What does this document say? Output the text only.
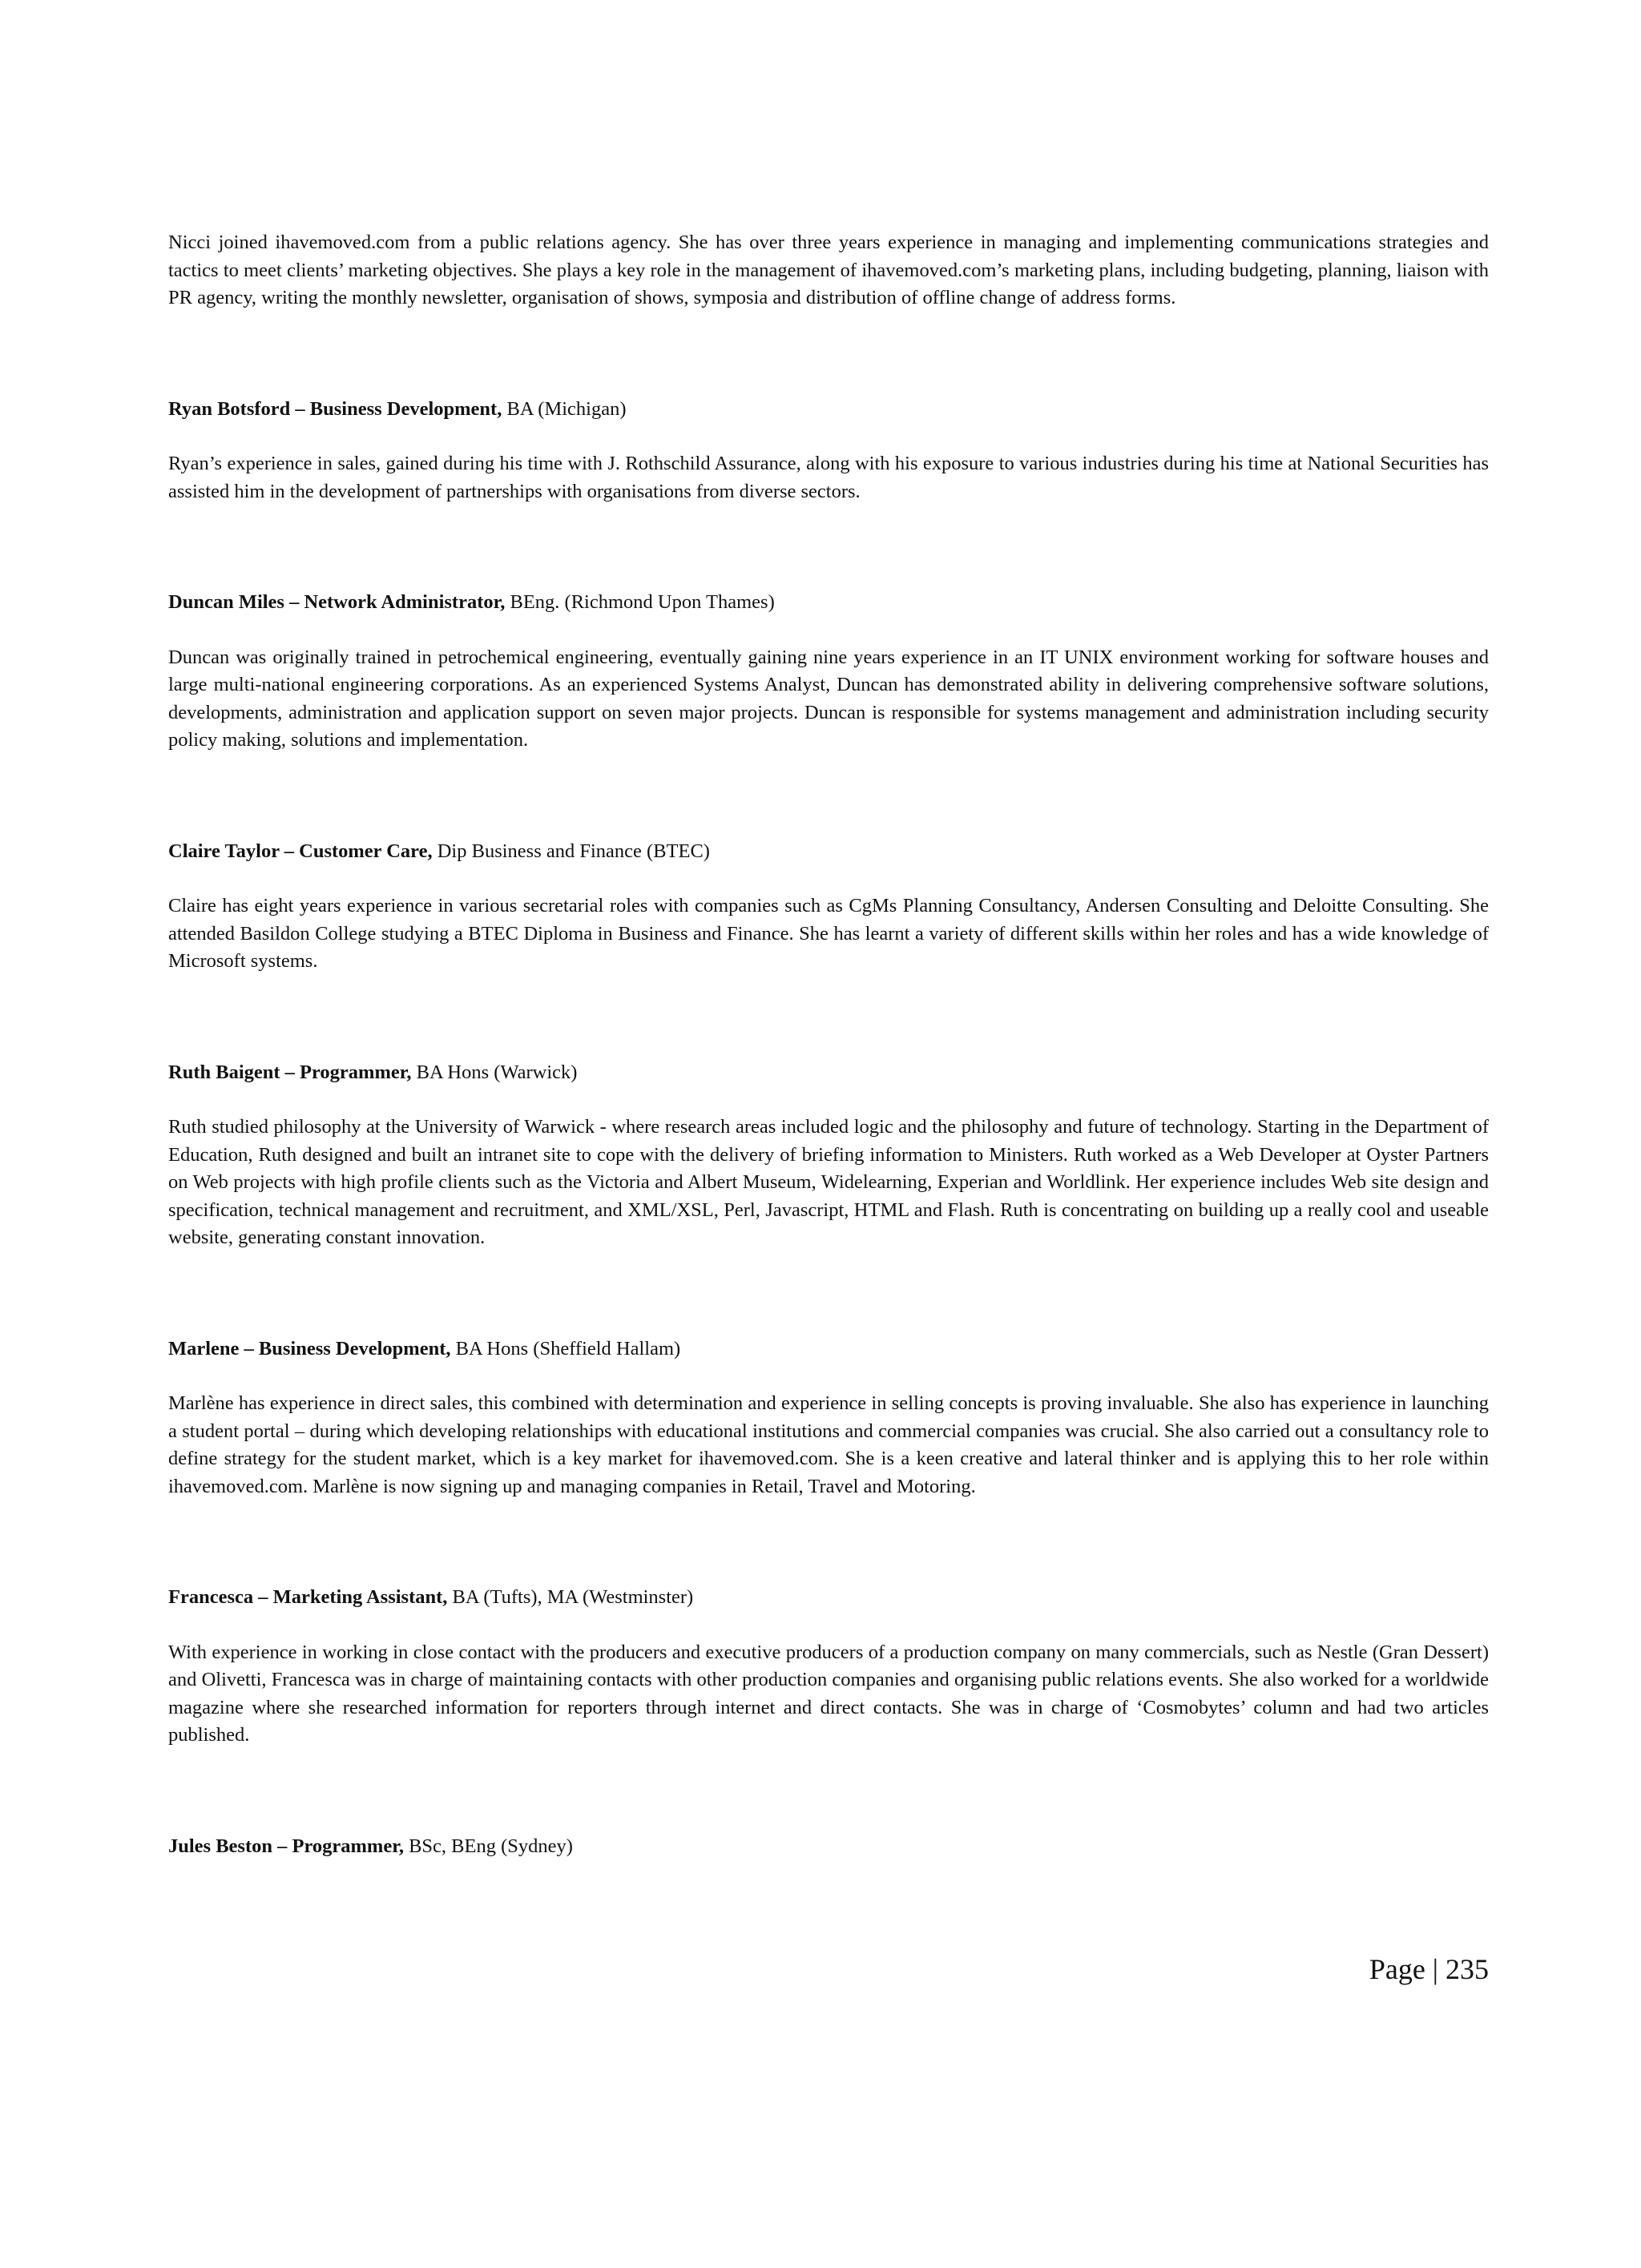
Nicci joined ihavemoved.com from a public relations agency. She has over three years experience in managing and implementing communications strategies and tactics to meet clients’ marketing objectives. She plays a key role in the management of ihavemoved.com’s marketing plans, including budgeting, planning, liaison with PR agency, writing the monthly newsletter, organisation of shows, symposia and distribution of offline change of address forms.

Ryan Botsford – Business Development, BA (Michigan)

Ryan’s experience in sales, gained during his time with J. Rothschild Assurance, along with his exposure to various industries during his time at National Securities has assisted him in the development of partnerships with organisations from diverse sectors.

Duncan Miles – Network Administrator, BEng. (Richmond Upon Thames)

Duncan was originally trained in petrochemical engineering, eventually gaining nine years experience in an IT UNIX environment working for software houses and large multi-national engineering corporations. As an experienced Systems Analyst, Duncan has demonstrated ability in delivering comprehensive software solutions, developments, administration and application support on seven major projects. Duncan is responsible for systems management and administration including security policy making, solutions and implementation.

Claire Taylor – Customer Care, Dip Business and Finance (BTEC)

Claire has eight years experience in various secretarial roles with companies such as CgMs Planning Consultancy, Andersen Consulting and Deloitte Consulting. She attended Basildon College studying a BTEC Diploma in Business and Finance. She has learnt a variety of different skills within her roles and has a wide knowledge of Microsoft systems.

Ruth Baigent – Programmer, BA Hons (Warwick)

Ruth studied philosophy at the University of Warwick - where research areas included logic and the philosophy and future of technology. Starting in the Department of Education, Ruth designed and built an intranet site to cope with the delivery of briefing information to Ministers. Ruth worked as a Web Developer at Oyster Partners on Web projects with high profile clients such as the Victoria and Albert Museum, Widelearning, Experian and Worldlink. Her experience includes Web site design and specification, technical management and recruitment, and XML/XSL, Perl, Javascript, HTML and Flash. Ruth is concentrating on building up a really cool and useable website, generating constant innovation.

Marlene – Business Development, BA Hons (Sheffield Hallam)

Marlène has experience in direct sales, this combined with determination and experience in selling concepts is proving invaluable. She also has experience in launching a student portal – during which developing relationships with educational institutions and commercial companies was crucial. She also carried out a consultancy role to define strategy for the student market, which is a key market for ihavemoved.com. She is a keen creative and lateral thinker and is applying this to her role within ihavemoved.com. Marlène is now signing up and managing companies in Retail, Travel and Motoring.

Francesca – Marketing Assistant, BA (Tufts), MA (Westminster)

With experience in working in close contact with the producers and executive producers of a production company on many commercials, such as Nestle (Gran Dessert) and Olivetti, Francesca was in charge of maintaining contacts with other production companies and organising public relations events. She also worked for a worldwide magazine where she researched information for reporters through internet and direct contacts. She was in charge of ‘Cosmobytes’ column and had two articles published.

Jules Beston – Programmer, BSc, BEng (Sydney)

Page | 235
